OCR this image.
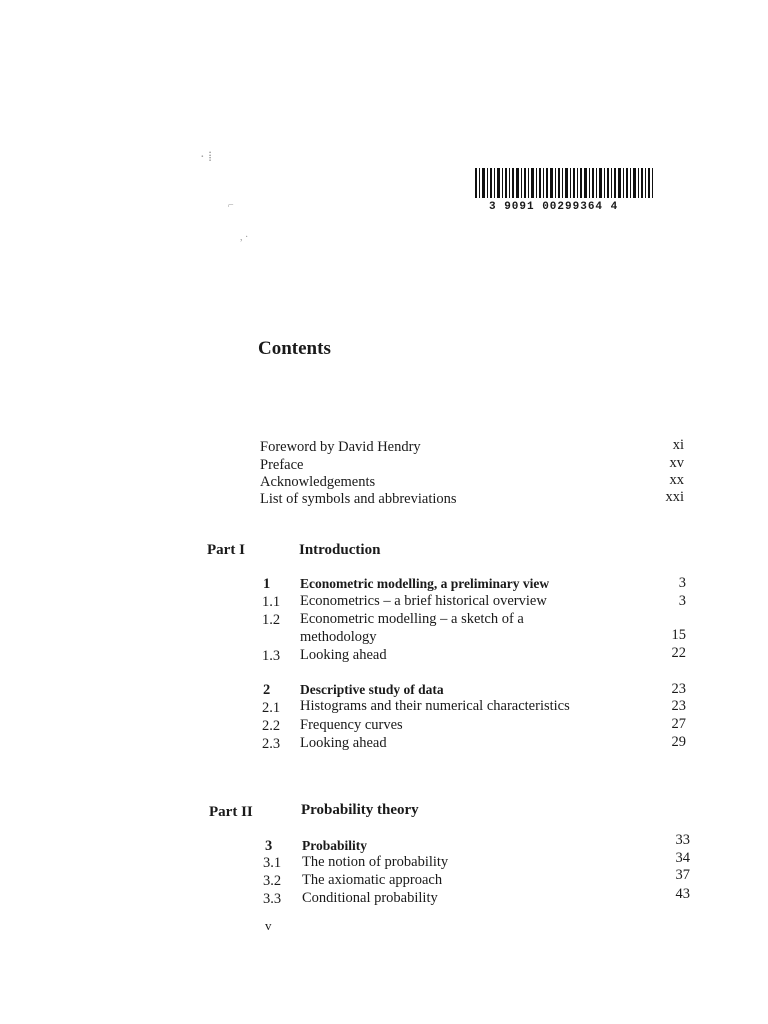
· ⁞
⌐
, ·
3 9091 00299364 4
Contents
Foreword by David Hendry	xi
Preface	xv
Acknowledgements	xx
List of symbols and abbreviations	xxi
Part I	Introduction
1 Econometric modelling, a preliminary view	3
1.1 Econometrics – a brief historical overview	3
1.2 Econometric modelling – a sketch of a
methodology	15
1.3 Looking ahead	22
2 Descriptive study of data	23
2.1 Histograms and their numerical characteristics	23
2.2 Frequency curves	27
2.3 Looking ahead	29
Part II	Probability theory
3 Probability	33
3.1 The notion of probability	34
3.2 The axiomatic approach	37
3.3 Conditional probability	43
v
